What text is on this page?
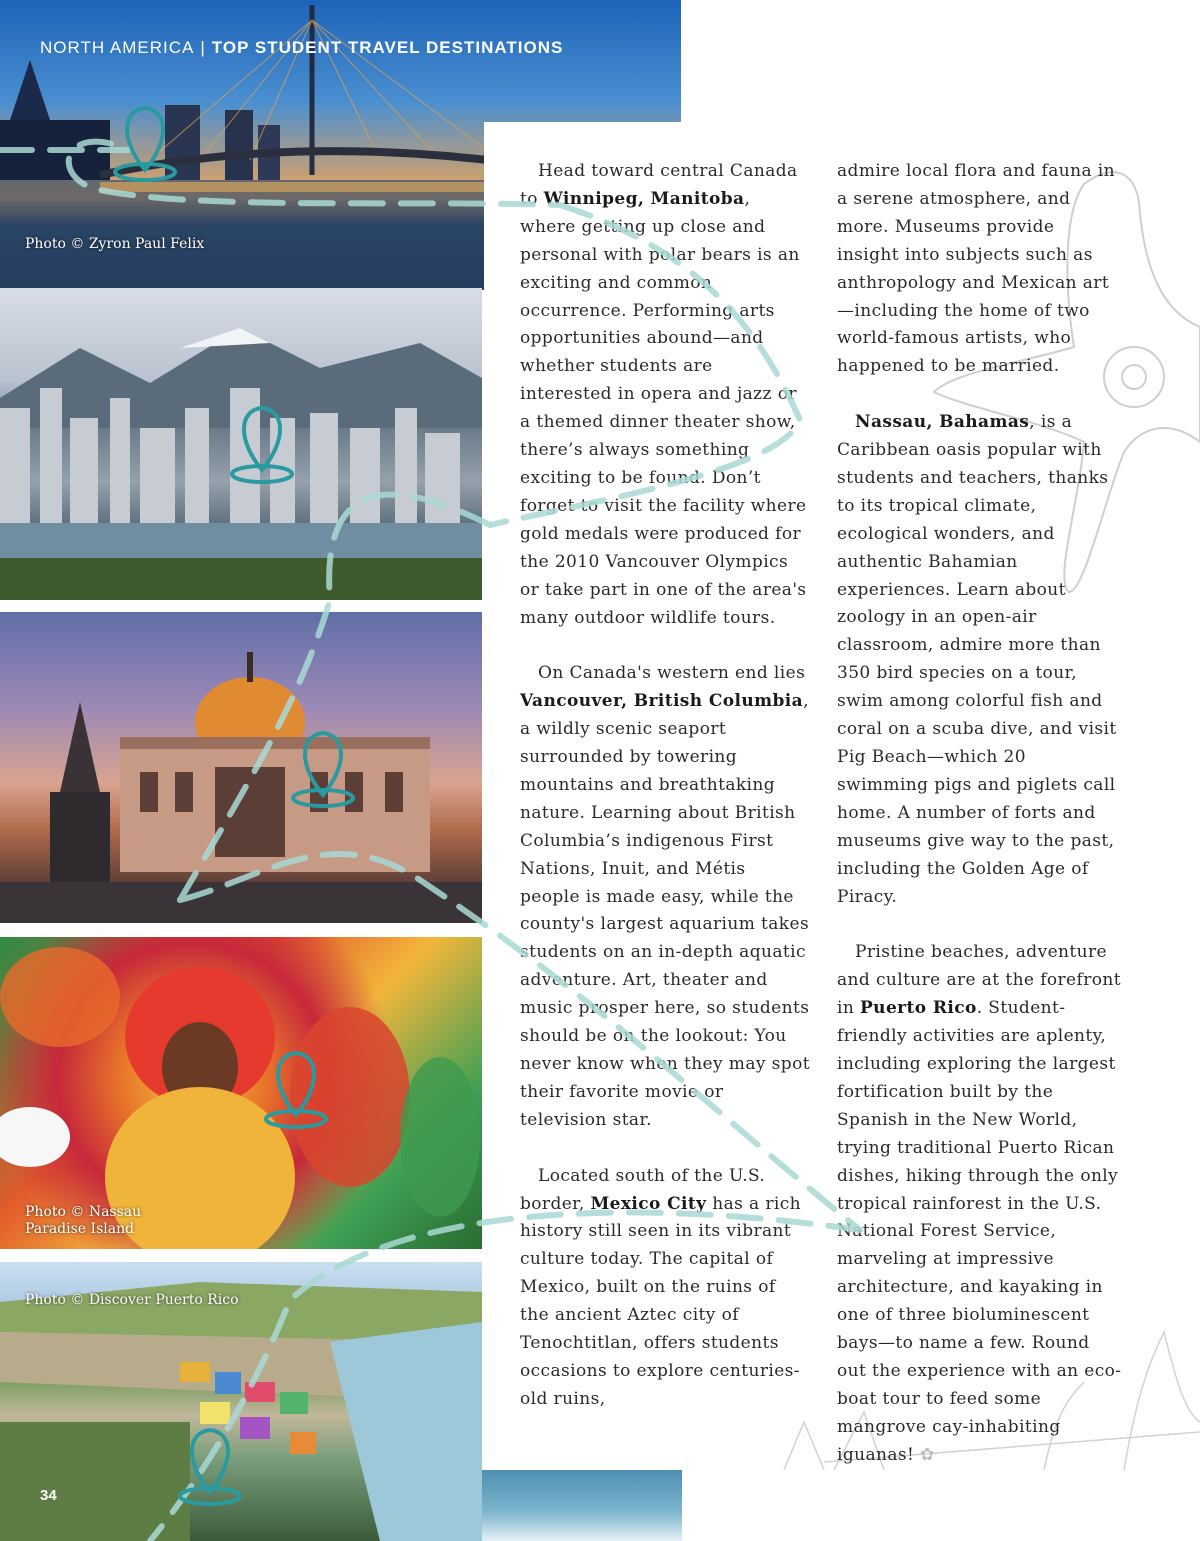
NORTH AMERICA | TOP STUDENT TRAVEL DESTINATIONS
Photo © Zyron Paul Felix
Photo © Nassau
Paradise Island
Photo © Discover Puerto Rico
34

Head toward central Canada to Winnipeg, Manitoba, where getting up close and personal with polar bears is an exciting and common occurrence. Performing arts opportunities abound—and whether students are interested in opera and jazz or a themed dinner theater show, there’s always something exciting to be found. Don’t forget to visit the facility where gold medals were produced for the 2010 Vancouver Olympics or take part in one of the area's many outdoor wildlife tours.

On Canada's western end lies Vancouver, British Columbia, a wildly scenic seaport surrounded by towering mountains and breathtaking nature. Learning about British Columbia’s indigenous First Nations, Inuit, and Métis people is made easy, while the county's largest aquarium takes students on an in-depth aquatic adventure. Art, theater and music prosper here, so students should be on the lookout: You never know when they may spot their favorite movie or television star.

Located south of the U.S. border, Mexico City has a rich history still seen in its vibrant culture today. The capital of Mexico, built on the ruins of the ancient Aztec city of Tenochtitlan, offers students occasions to explore centuries-old ruins,

admire local flora and fauna in a serene atmosphere, and more. Museums provide insight into subjects such as anthropology and Mexican art—including the home of two world-famous artists, who happened to be married.

Nassau, Bahamas, is a Caribbean oasis popular with students and teachers, thanks to its tropical climate, ecological wonders, and authentic Bahamian experiences. Learn about zoology in an open-air classroom, admire more than 350 bird species on a tour, swim among colorful fish and coral on a scuba dive, and visit Pig Beach—which 20 swimming pigs and piglets call home. A number of forts and museums give way to the past, including the Golden Age of Piracy.

Pristine beaches, adventure and culture are at the forefront in Puerto Rico. Student-friendly activities are aplenty, including exploring the largest fortification built by the Spanish in the New World, trying traditional Puerto Rican dishes, hiking through the only tropical rainforest in the U.S. National Forest Service, marveling at impressive architecture, and kayaking in one of three bioluminescent bays—to name a few. Round out the experience with an eco-boat tour to feed some mangrove cay-inhabiting iguanas! ✿
